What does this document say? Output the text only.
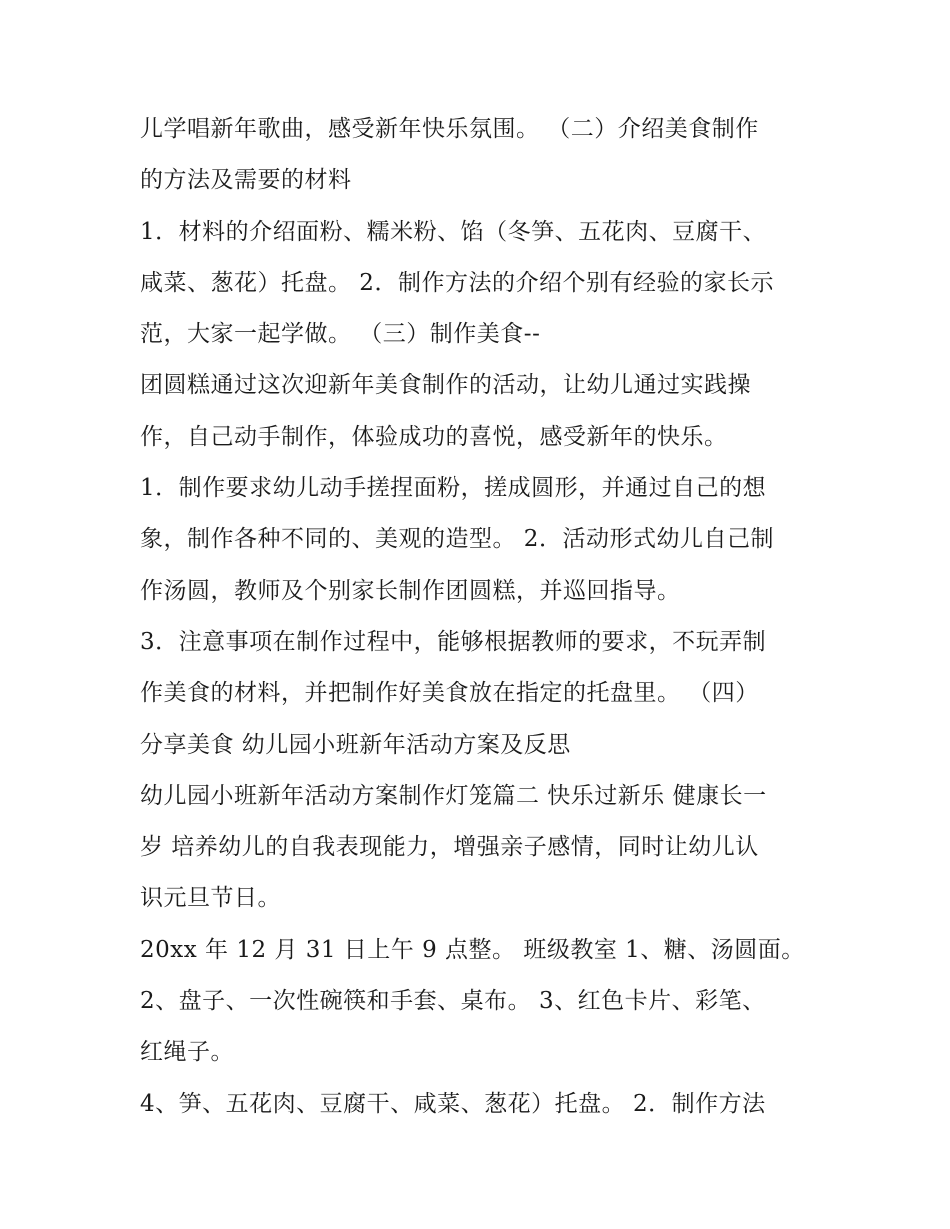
儿学唱新年歌曲，感受新年快乐氛围。 （二）介绍美食制作
的方法及需要的材料
1．材料的介绍面粉、糯米粉、馅（冬笋、五花肉、豆腐干、
咸菜、葱花）托盘。 2．制作方法的介绍个别有经验的家长示
范，大家一起学做。 （三）制作美食--
团圆糕通过这次迎新年美食制作的活动，让幼儿通过实践操
作，自己动手制作，体验成功的喜悦，感受新年的快乐。
1．制作要求幼儿动手搓捏面粉，搓成圆形，并通过自己的想
象，制作各种不同的、美观的造型。 2．活动形式幼儿自己制
作汤圆，教师及个别家长制作团圆糕，并巡回指导。
3．注意事项在制作过程中，能够根据教师的要求，不玩弄制
作美食的材料，并把制作好美食放在指定的托盘里。 （四）
分享美食 幼儿园小班新年活动方案及反思
幼儿园小班新年活动方案制作灯笼篇二 快乐过新乐 健康长一
岁 培养幼儿的自我表现能力，增强亲子感情，同时让幼儿认
识元旦节日。
20xx 年 12 月 31 日上午 9 点整。 班级教室 1、糖、汤圆面。
2、盘子、一次性碗筷和手套、桌布。 3、红色卡片、彩笔、
红绳子。
4、笋、五花肉、豆腐干、咸菜、葱花）托盘。 2．制作方法
